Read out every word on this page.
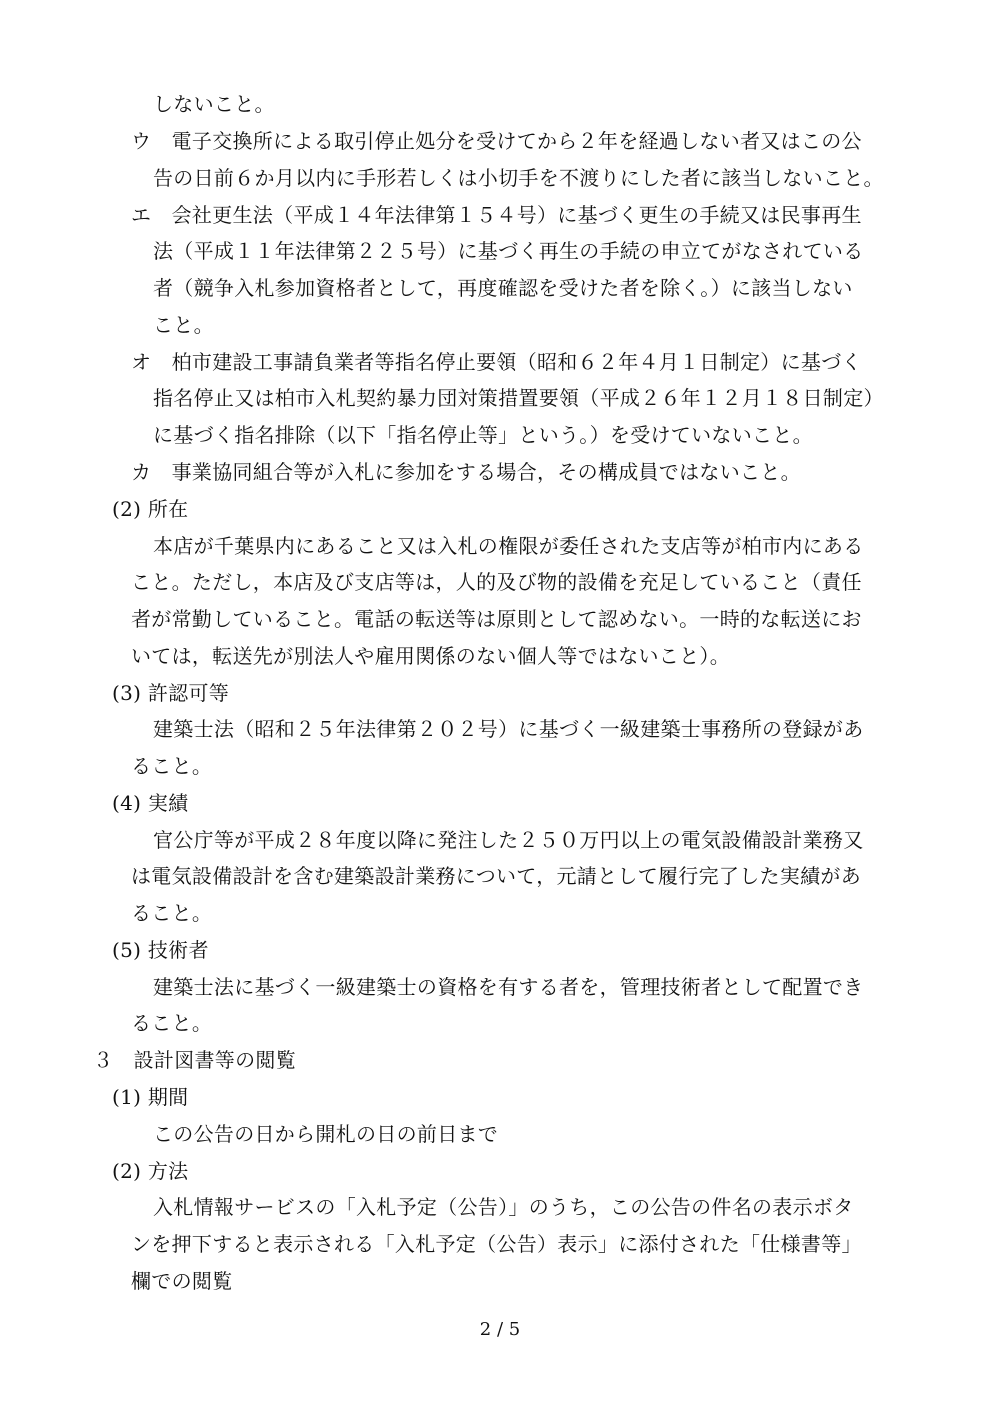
しないこと。
ウ　電子交換所による取引停止処分を受けてから２年を経過しない者又はこの公
告の日前６か月以内に手形若しくは小切手を不渡りにした者に該当しないこと。
エ　会社更生法（平成１４年法律第１５４号）に基づく更生の手続又は民事再生
法（平成１１年法律第２２５号）に基づく再生の手続の申立てがなされている
者（競争入札参加資格者として，再度確認を受けた者を除く。）に該当しない
こと。
オ　柏市建設工事請負業者等指名停止要領（昭和６２年４月１日制定）に基づく
指名停止又は柏市入札契約暴力団対策措置要領（平成２６年１２月１８日制定）
に基づく指名排除（以下「指名停止等」という。）を受けていないこと。
カ　事業協同組合等が入札に参加をする場合，その構成員ではないこと。
(2) 所在
本店が千葉県内にあること又は入札の権限が委任された支店等が柏市内にある
こと。ただし，本店及び支店等は，人的及び物的設備を充足していること（責任
者が常勤していること。電話の転送等は原則として認めない。一時的な転送にお
いては，転送先が別法人や雇用関係のない個人等ではないこと）。
(3) 許認可等
建築士法（昭和２５年法律第２０２号）に基づく一級建築士事務所の登録があ
ること。
(4) 実績
官公庁等が平成２８年度以降に発注した２５０万円以上の電気設備設計業務又
は電気設備設計を含む建築設計業務について，元請として履行完了した実績があ
ること。
(5) 技術者
建築士法に基づく一級建築士の資格を有する者を，管理技術者として配置でき
ること。
３　設計図書等の閲覧
(1) 期間
この公告の日から開札の日の前日まで
(2) 方法
入札情報サービスの「入札予定（公告）」のうち，この公告の件名の表示ボタ
ンを押下すると表示される「入札予定（公告）表示」に添付された「仕様書等」
欄での閲覧
2 / 5
